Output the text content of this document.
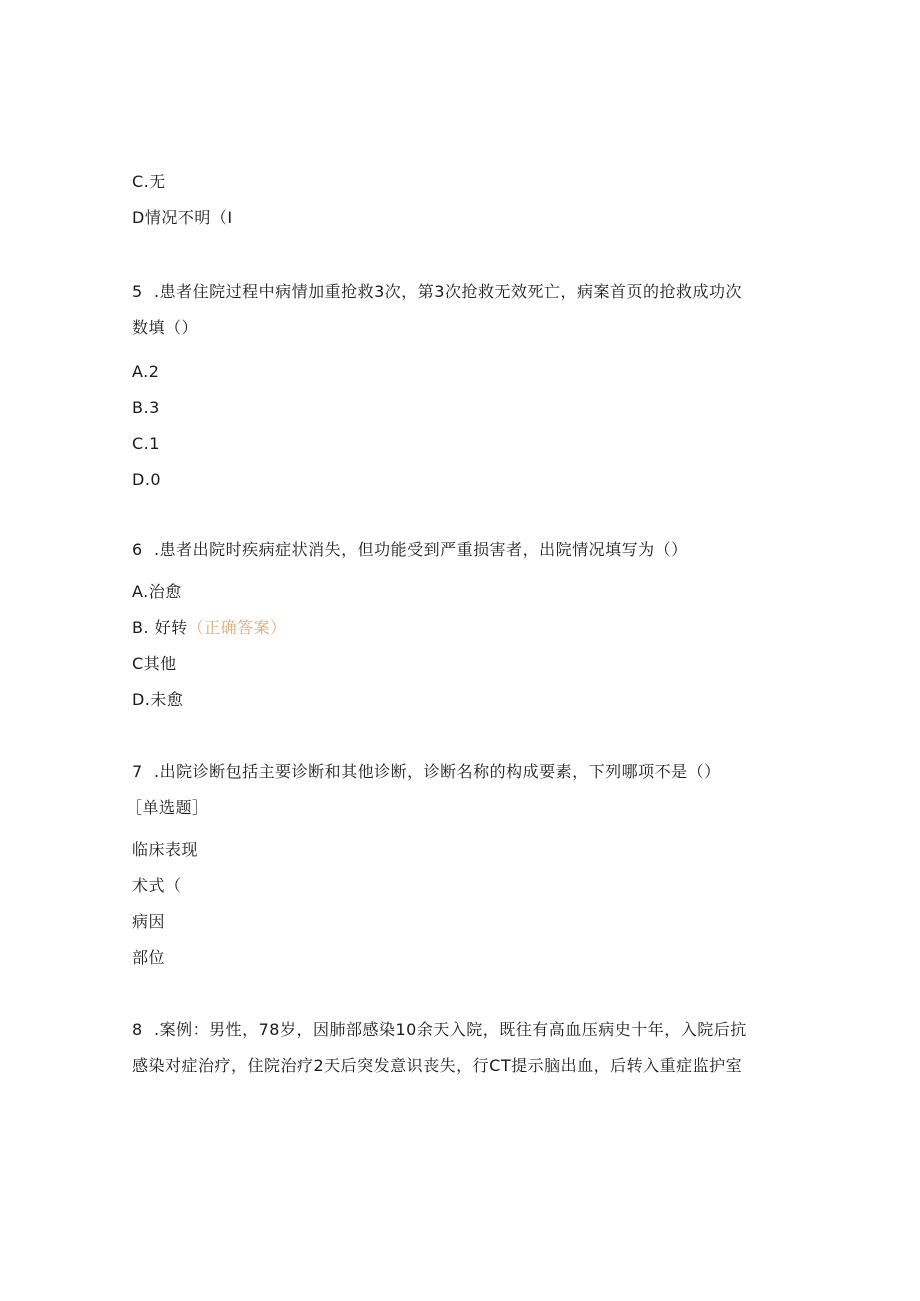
C.无
D情况不明（I
5 .患者住院过程中病情加重抢救3次，第3次抢救无效死亡，病案首页的抢救成功次
数填（）
A.2
B.3
C.1
D.0
6 .患者出院时疾病症状消失，但功能受到严重损害者，出院情况填写为（）
A.治愈
B. 好转（正确答案）
C其他
D.未愈
7 .出院诊断包括主要诊断和其他诊断，诊断名称的构成要素，下列哪项不是（）
［单选题］
临床表现
术式（
病因
部位
8 .案例：男性，78岁，因肺部感染10余天入院，既往有高血压病史十年，入院后抗
感染对症治疗，住院治疗2天后突发意识丧失，行CT提示脑出血，后转入重症监护室
